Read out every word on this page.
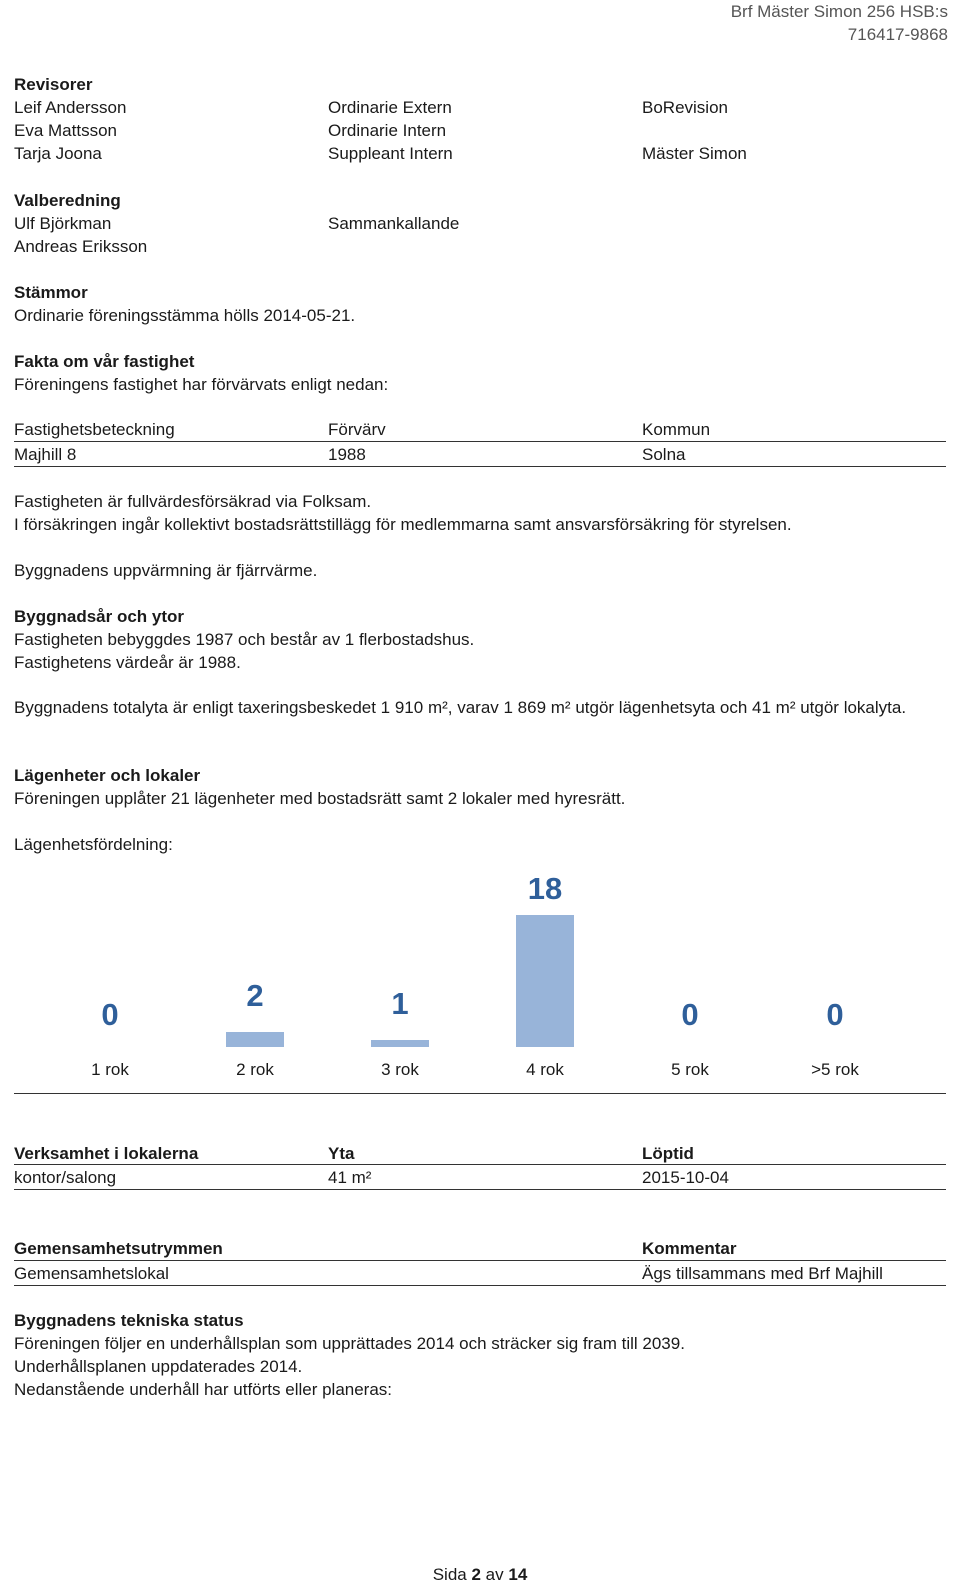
Brf Mäster Simon 256 HSB:s
716417-9868
Revisorer
Leif Andersson	Ordinarie Extern	BoRevision
Eva Mattsson	Ordinarie Intern
Tarja Joona	Suppleant Intern	Mäster Simon
Valberedning
Ulf Björkman	Sammankallande
Andreas Eriksson
Stämmor
Ordinarie föreningsstämma hölls 2014-05-21.
Fakta om vår fastighet
Föreningens fastighet har förvärvats enligt nedan:
Fastighetsbeteckning	Förvärv	Kommun
Majhill 8	1988	Solna
Fastigheten är fullvärdesförsäkrad via Folksam.
I försäkringen ingår kollektivt bostadsrättstillägg för medlemmarna samt ansvarsförsäkring för styrelsen.
Byggnadens uppvärmning är fjärrvärme.
Byggnadsår och ytor
Fastigheten bebyggdes 1987 och består av 1 flerbostadshus.
Fastighetens värdeår är 1988.
Byggnadens totalyta är enligt taxeringsbeskedet 1 910 m², varav 1 869 m² utgör lägenhetsyta och 41 m² utgör lokalyta.
Lägenheter och lokaler
Föreningen upplåter 21 lägenheter med bostadsrätt samt 2 lokaler med hyresrätt.
Lägenhetsfördelning:
0
1 rok
2
2 rok
1
3 rok
18
4 rok
0
5 rok
0
>5 rok
Verksamhet i lokalerna	Yta	Löptid
kontor/salong	41 m²	2015-10-04
Gemensamhetsutrymmen	Kommentar
Gemensamhetslokal	Ägs tillsammans med Brf Majhill
Byggnadens tekniska status
Föreningen följer en underhållsplan som upprättades 2014 och sträcker sig fram till 2039.
Underhållsplanen uppdaterades 2014.
Nedanstående underhåll har utförts eller planeras:
Sida 2 av 14
